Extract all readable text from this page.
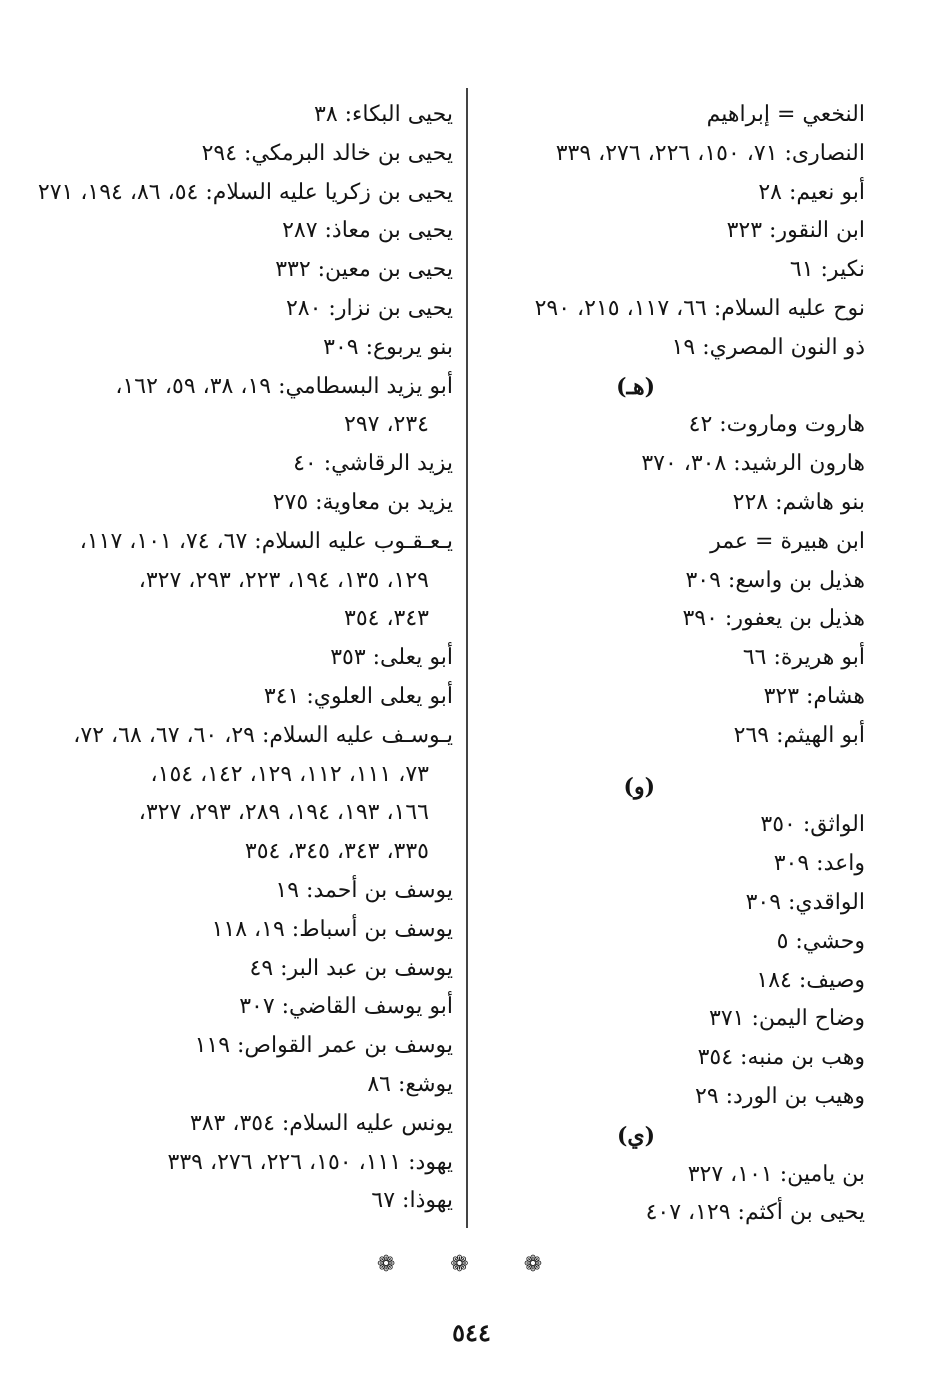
النخعي = إبراهيم
النصارى: ٧١، ١٥٠، ٢٢٦، ٢٧٦، ٣٣٩
أبو نعيم: ٢٨
ابن النقور: ٣٢٣
نكير: ٦١
نوح عليه السلام: ٦٦، ١١٧، ٢١٥، ٢٩٠
ذو النون المصري: ١٩
(هـ)
هاروت وماروت: ٤٢
هارون الرشيد: ٣٠٨، ٣٧٠
بنو هاشم: ٢٢٨
ابن هبيرة = عمر
هذيل بن واسع: ٣٠٩
هذيل بن يعفور: ٣٩٠
أبو هريرة: ٦٦
هشام: ٣٢٣
أبو الهيثم: ٢٦٩
(و)
الواثق: ٣٥٠
واعد: ٣٠٩
الواقدي: ٣٠٩
وحشي: ٥
وصيف: ١٨٤
وضاح اليمن: ٣٧١
وهب بن منبه: ٣٥٤
وهيب بن الورد: ٢٩
(ي)
بن يامين: ١٠١، ٣٢٧
يحيى بن أكثم: ١٢٩، ٤٠٧
يحيى البكاء: ٣٨
يحيى بن خالد البرمكي: ٢٩٤
يحيى بن زكريا عليه السلام: ٥٤، ٨٦، ١٩٤، ٢٧١
يحيى بن معاذ: ٢٨٧
يحيى بن معين: ٣٣٢
يحيى بن نزار: ٢٨٠
بنو يربوع: ٣٠٩
أبو يزيد البسطامي: ١٩، ٣٨، ٥٩، ١٦٢،
٢٣٤، ٢٩٧
يزيد الرقاشي: ٤٠
يزيد بن معاوية: ٢٧٥
يـعـقـوب عليه السلام: ٦٧، ٧٤، ١٠١، ١١٧،
١٢٩، ١٣٥، ١٩٤، ٢٢٣، ٢٩٣، ٣٢٧،
٣٤٣، ٣٥٤
أبو يعلى: ٣٥٣
أبو يعلى العلوي: ٣٤١
يـوسـف عليه السلام: ٢٩، ٦٠، ٦٧، ٦٨، ٧٢،
٧٣، ١١١، ١١٢، ١٢٩، ١٤٢، ١٥٤،
١٦٦، ١٩٣، ١٩٤، ٢٨٩، ٢٩٣، ٣٢٧،
٣٣٥، ٣٤٣، ٣٤٥، ٣٥٤
يوسف بن أحمد: ١٩
يوسف بن أسباط: ١٩، ١١٨
يوسف بن عبد البر: ٤٩
أبو يوسف القاضي: ٣٠٧
يوسف بن عمر القواص: ١١٩
يوشع: ٨٦
يونس عليه السلام: ٣٥٤، ٣٨٣
يهود: ١١١، ١٥٠، ٢٢٦، ٢٧٦، ٣٣٩
يهوذا: ٦٧
❁ ❁ ❁
٥٤٤
